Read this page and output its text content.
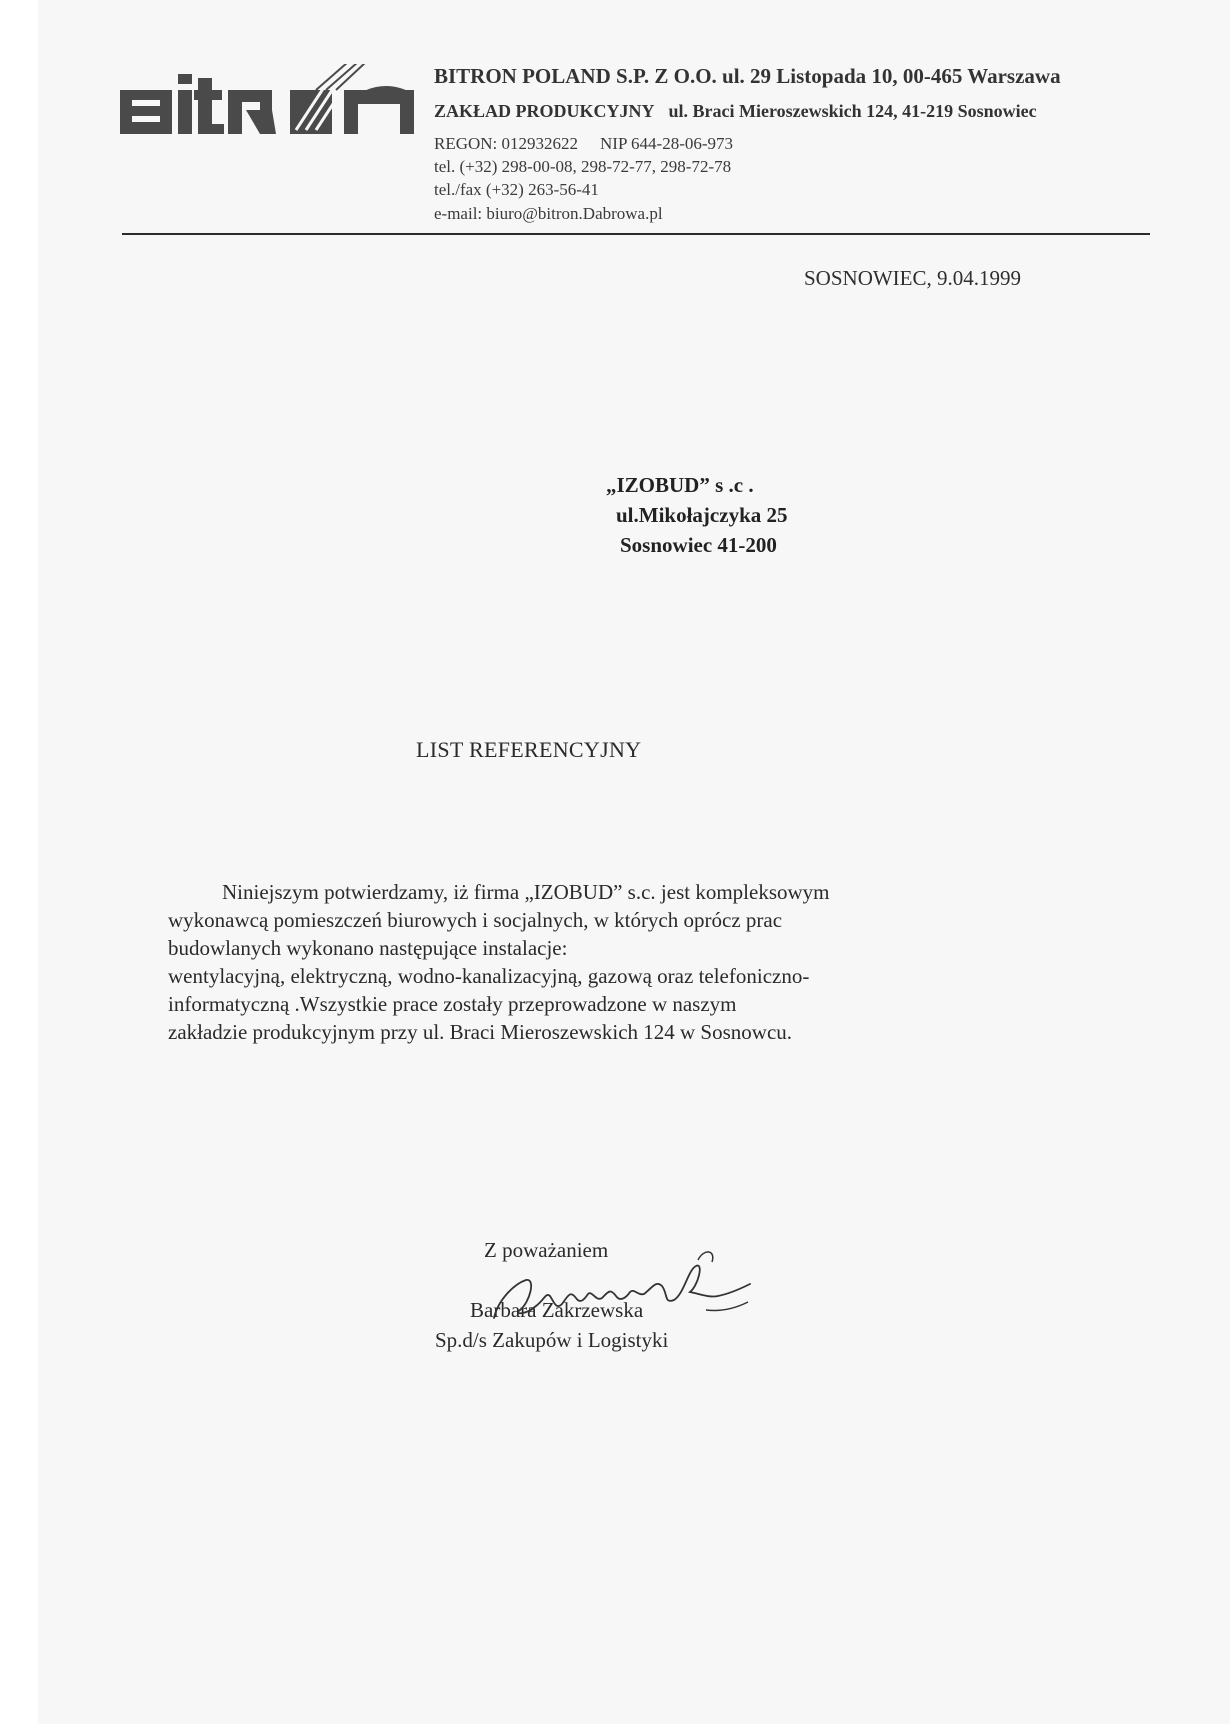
BITRON	BITRON POLAND S.P. Z O.O. ul. 29 Listopada 10, 00-465 Warszawa
ZAKŁAD PRODUKCYJNY ul. Braci Mieroszewskich 124, 41-219 Sosnowiec
REGON: 012932622 NIP 644-28-06-973
tel. (+32) 298-00-08, 298-72-77, 298-72-78
tel./fax (+32) 263-56-41
e-mail: biuro@bitron.Dabrowa.pl
SOSNOWIEC, 9.04.1999
„IZOBUD” s .c .
ul.Mikołajczyka 25
Sosnowiec 41-200
LIST REFERENCYJNY
Niniejszym potwierdzamy, iż firma „IZOBUD” s.c. jest kompleksowym
wykonawcą pomieszczeń biurowych i socjalnych, w których oprócz prac
budowlanych wykonano następujące instalacje:
wentylacyjną, elektryczną, wodno-kanalizacyjną, gazową oraz telefoniczno-
informatyczną .Wszystkie prace zostały przeprowadzone w naszym
zakładzie produkcyjnym przy ul. Braci Mieroszewskich 124 w Sosnowcu.
Z poważaniem
Barbara Zakrzewska
Sp.d/s Zakupów i Logistyki
